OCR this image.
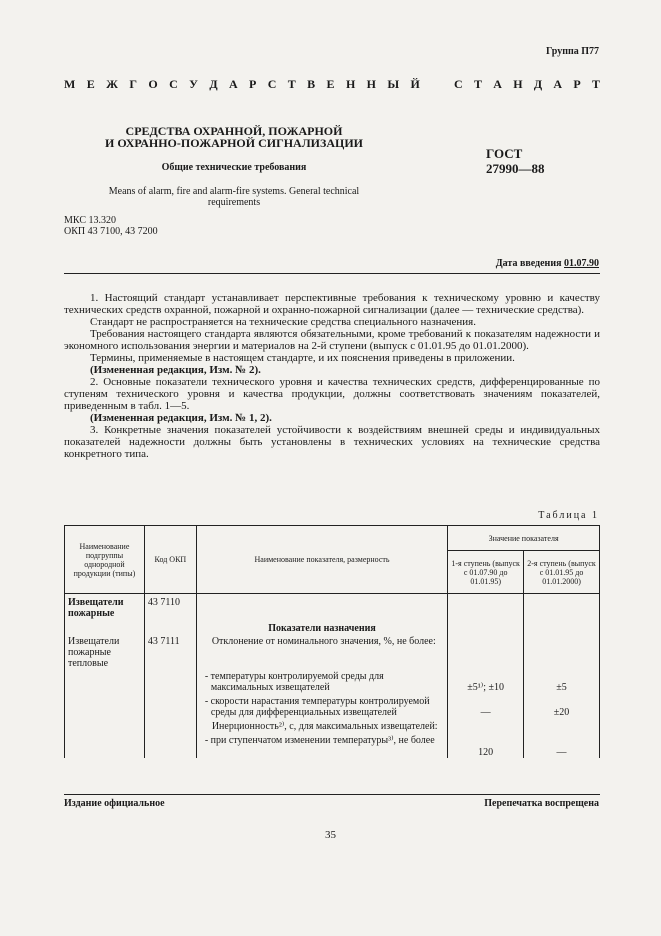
Группа П77
М Е Ж Г О С У Д А Р С Т В Е Н Н Ы Й	С Т А Н Д А Р Т
СРЕДСТВА ОХРАННОЙ, ПОЖАРНОЙ
И ОХРАННО-ПОЖАРНОЙ СИГНАЛИЗАЦИИ
Общие технические требования
ГОСТ
27990—88
Means of alarm, fire and alarm-fire systems. General technical
requirements
МКС 13.320
ОКП 43 7100, 43 7200
Дата введения 01.07.90

1. Настоящий стандарт устанавливает перспективные требования к техническому уровню и качеству технических средств охранной, пожарной и охранно-пожарной сигнализации (далее — технические средства).

Стандарт не распространяется на технические средства специального назначения.

Требования настоящего стандарта являются обязательными, кроме требований к показателям надежности и экономного использования энергии и материалов на 2-й ступени (выпуск с 01.01.95 до 01.01.2000).

Термины, применяемые в настоящем стандарте, и их пояснения приведены в приложении.

(Измененная редакция, Изм. № 2).

2. Основные показатели технического уровня и качества технических средств, дифференцированные по ступеням технического уровня и качества продукции, должны соответствовать значениям показателей, приведенным в табл. 1—5.

(Измененная редакция, Изм. № 1, 2).

3. Конкретные значения показателей устойчивости к воздействиям внешней среды и индивидуальных показателей надежности должны быть установлены в технических условиях на технические средства конкретного типа.

Таблица 1
Наименование подгруппы однородной продукции (типы)	Код ОКП	Наименование показателя, размерность	Значение показателя	
			1-я ступень (выпуск с 01.07.90 до 01.01.95)	2-я ступень (выпуск с 01.01.95 до 01.01.2000)
Извещатели пожарные	43 7110			
		Показатели назначения		
Извещатели пожарные тепловые	43 7111	Отклонение от номинального значения, %, не более:		
		- температуры контролируемой среды для максимальных извещателей	±5¹⁾; ±10	±5
		- скорости нарастания температуры контролируемой среды для дифференциальных извещателей	—	±20
		Инерционность²⁾, с, для максимальных извещателей:		
		- при ступенчатом изменении температуры³⁾, не более	120	—
Издание официальное	Перепечатка воспрещена
35
